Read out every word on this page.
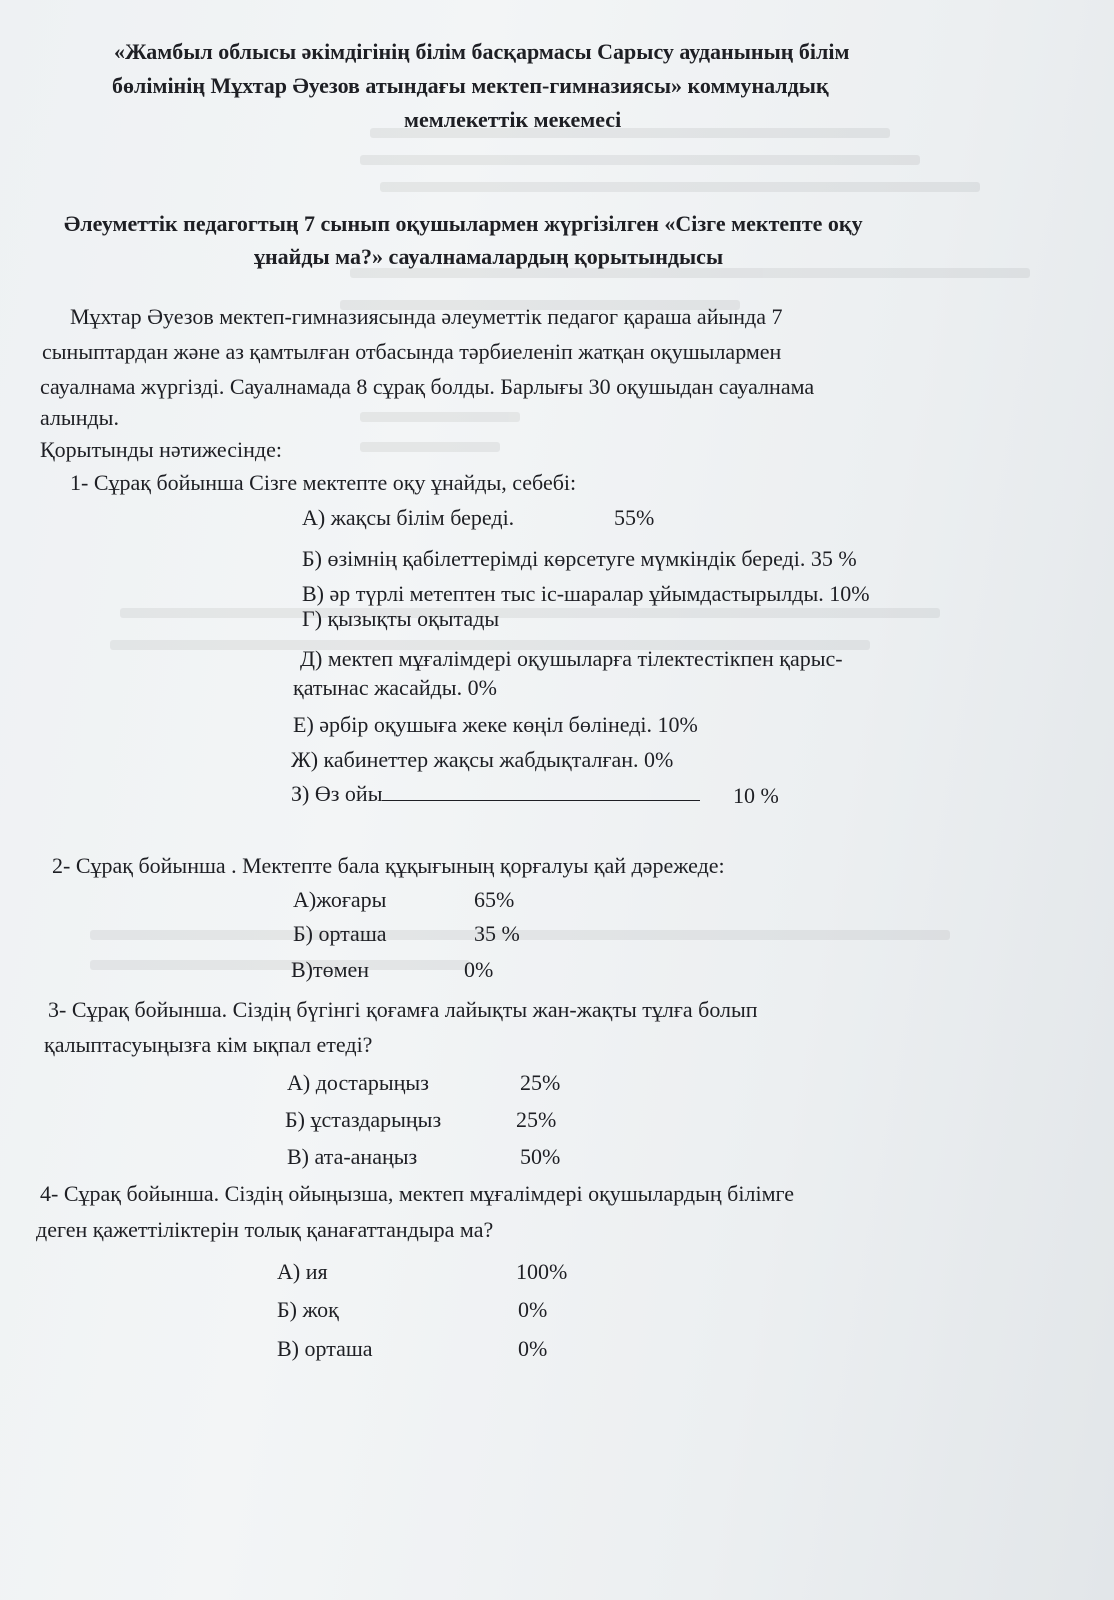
«Жамбыл облысы әкімдігінің білім басқармасы Сарысу ауданының білім
бөлімінің Мұхтар Әуезов атындағы мектеп-гимназиясы» коммуналдық
мемлекеттік мекемесі
Әлеуметтік педагогтың 7 сынып оқушылармен жүргізілген «Сізге мектепте оқу
ұнайды ма?» сауалнамалардың қорытындысы
Мұхтар Әуезов мектеп-гимназиясында әлеуметтік педагог қараша айында 7
сыныптардан және аз қамтылған отбасында тәрбиеленіп жатқан оқушылармен
сауалнама жүргізді. Сауалнамада 8 сұрақ болды. Барлығы 30 оқушыдан сауалнама
алынды.
Қорытынды нәтижесінде:
1- Сұрақ бойынша Сізге мектепте оқу ұнайды, себебі:
А) жақсы білім береді.	55%
Б) өзімнің қабілеттерімді көрсетуге мүмкіндік береді. 35 %
В) әр түрлі метептен тыс іс-шаралар ұйымдастырылды. 10%
Г) қызықты оқытады
Д) мектеп мұғалімдері оқушыларға тілектестікпен қарыс-
қатынас жасайды. 0%
Е) әрбір оқушыға жеке көңіл бөлінеді. 10%
Ж) кабинеттер жақсы жабдықталған. 0%
З) Өз ойы	10 %
2- Сұрақ бойынша . Мектепте бала құқығының қорғалуы қай дәрежеде:
А)жоғары	65%
Б) орташа	35 %
В)төмен	0%
3- Сұрақ бойынша. Сіздің бүгінгі қоғамға лайықты жан-жақты тұлға болып
қалыптасуыңызға кім ықпал етеді?
А) достарыңыз	25%
Б) ұстаздарыңыз	25%
В) ата-анаңыз	50%
4- Сұрақ бойынша. Сіздің ойыңызша, мектеп мұғалімдері оқушылардың білімге
деген қажеттіліктерін толық қанағаттандыра ма?
А) ия	100%
Б) жоқ	0%
В) орташа	0%
